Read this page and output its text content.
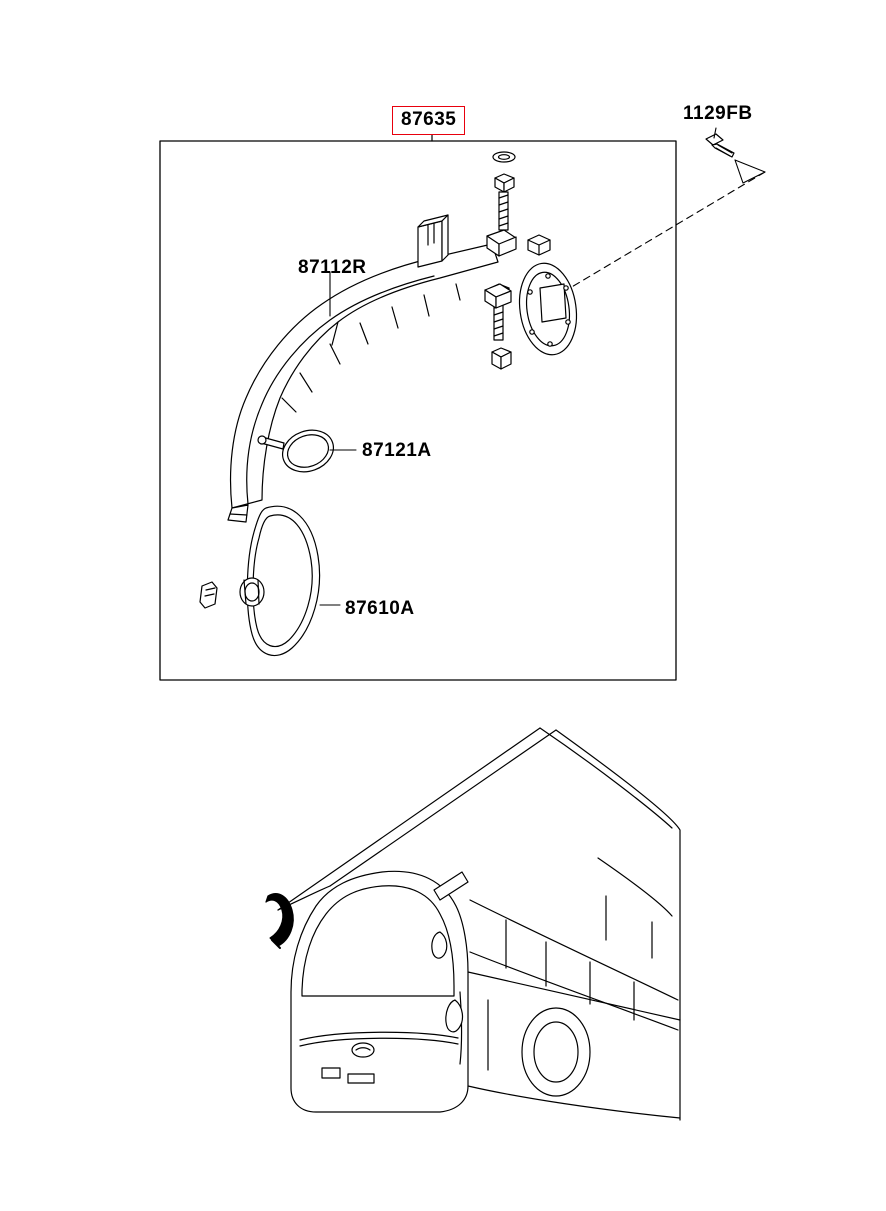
87635	1129FB
87112R
87121A
87610A
